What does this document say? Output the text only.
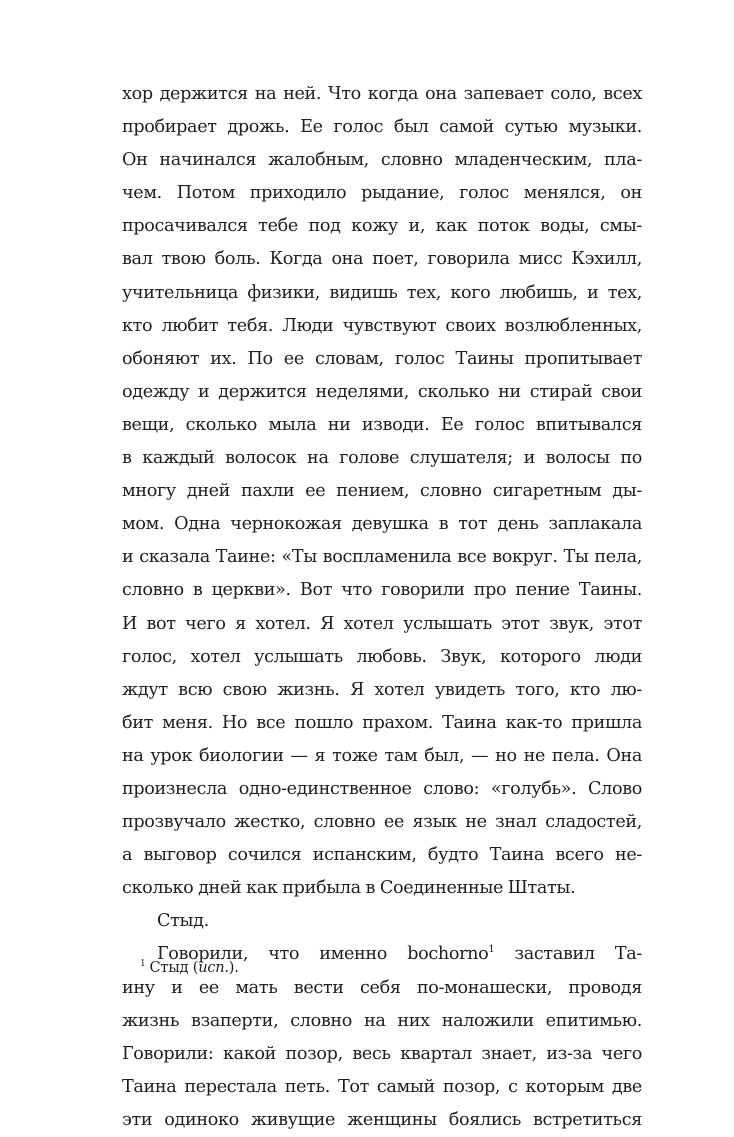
хор держится на ней. Что когда она запевает соло, всех
пробирает дрожь. Ее голос был самой сутью музыки.
Он начинался жалобным, словно младенческим, пла-
чем. Потом приходило рыдание, голос менялся, он
просачивался тебе под кожу и, как поток воды, смы-
вал твою боль. Когда она поет, говорила мисс Кэхилл,
учительница физики, видишь тех, кого любишь, и тех,
кто любит тебя. Люди чувствуют своих возлюбленных,
обоняют их. По ее словам, голос Таины пропитывает
одежду и держится неделями, сколько ни стирай свои
вещи, сколько мыла ни изводи. Ее голос впитывался
в каждый волосок на голове слушателя; и волосы по
многу дней пахли ее пением, словно сигаретным ды-
мом. Одна чернокожая девушка в тот день заплакала
и сказала Таине: «Ты воспламенила все вокруг. Ты пела,
словно в церкви». Вот что говорили про пение Таины.
И вот чего я хотел. Я хотел услышать этот звук, этот
голос, хотел услышать любовь. Звук, которого люди
ждут всю свою жизнь. Я хотел увидеть того, кто лю-
бит меня. Но все пошло прахом. Таина как-то пришла
на урок биологии — я тоже там был, — но не пела. Она
произнесла одно-единственное слово: «голубь». Слово
прозвучало жестко, словно ее язык не знал сладостей,
а выговор сочился испанским, будто Таина всего не-
сколько дней как прибыла в Соединенные Штаты.
Стыд.
Говорили, что именно bochorno$^1$ заставил Та-
ину и ее мать вести себя по-монашески, проводя
жизнь взаперти, словно на них наложили епитимью.
Говорили: какой позор, весь квартал знает, из-за чего
Таина перестала петь. Тот самый позор, с которым две
эти одиноко живущие женщины боялись встретиться
$^1$ Стыд (исп.).
